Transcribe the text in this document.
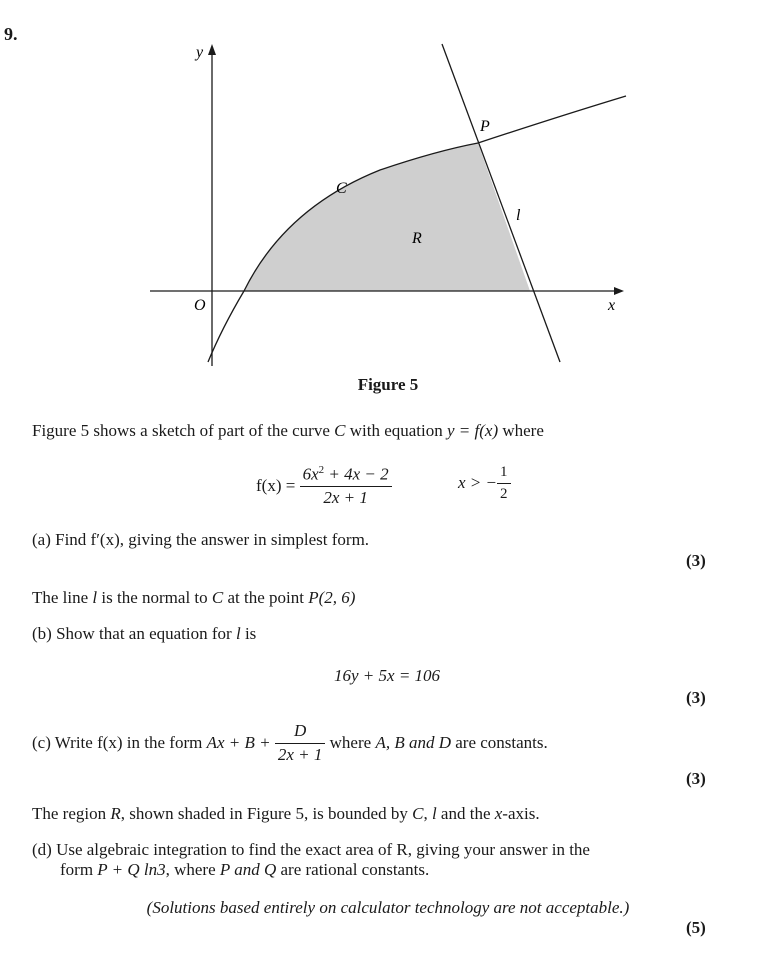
9.
y
x
O
C
P
l
R
Figure 5
Figure 5 shows a sketch of part of the curve C with equation y = f(x) where
$f(x) = \frac{6x^2 + 4x - 2}{2x + 1}$	x > − $\frac{1}{2}$
(a) Find f′(x), giving the answer in simplest form.
(3)
The line l is the normal to C at the point P(2, 6)
(b) Show that an equation for l is
16y + 5x = 106
(3)
(c) Write f(x) in the form $Ax + B + \frac{D}{2x + 1}$ where A, B and D are constants.
(3)
The region R, shown shaded in Figure 5, is bounded by C, l and the x-axis.
(d) Use algebraic integration to find the exact area of R, giving your answer in the
form P + Q ln3, where P and Q are rational constants.
(Solutions based entirely on calculator technology are not acceptable.)
(5)
